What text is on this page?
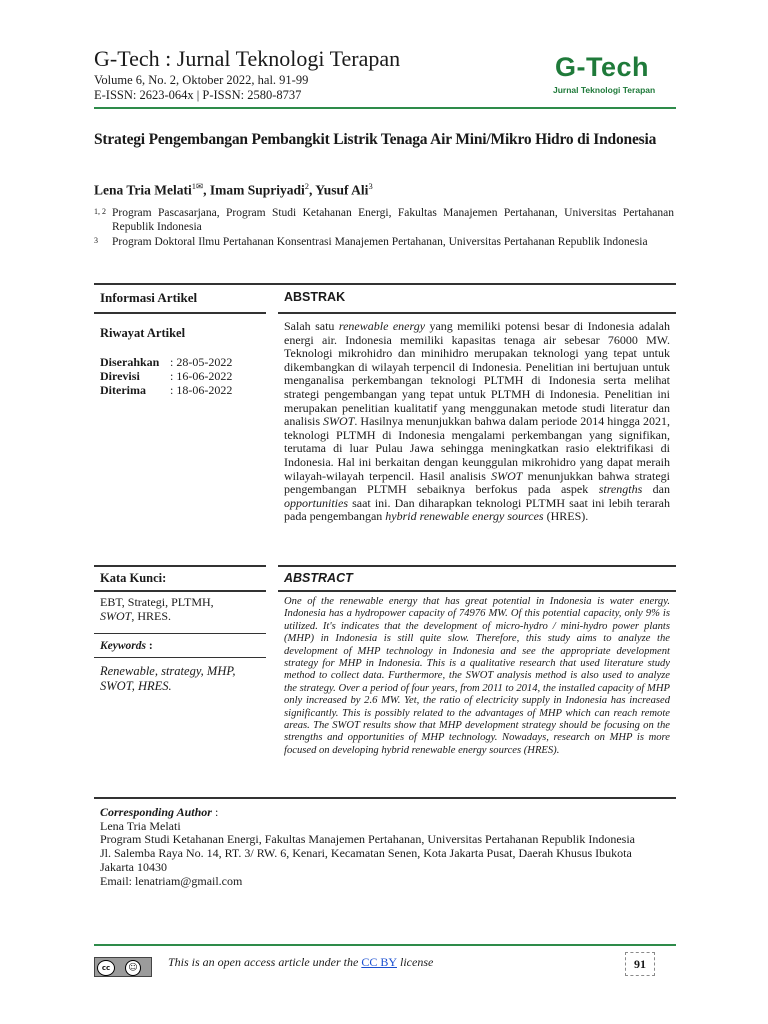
G-Tech : Jurnal Teknologi Terapan
Volume 6, No. 2, Oktober 2022, hal. 91-99
E-ISSN: 2623-064x | P-ISSN: 2580-8737
G-Tech
Jurnal Teknologi Terapan
Strategi Pengembangan Pembangkit Listrik Tenaga Air Mini/Mikro Hidro di Indonesia
Lena Tria Melati$^{1✉}$, Imam Supriyadi$^2$, Yusuf Ali$^3$
1, 2 Program Pascasarjana, Program Studi Ketahanan Energi, Fakultas Manajemen Pertahanan, Universitas Pertahanan Republik Indonesia
3 Program Doktoral Ilmu Pertahanan Konsentrasi Manajemen Pertahanan, Universitas Pertahanan Republik Indonesia
Informasi Artikel	ABSTRAK
Riwayat Artikel
Diserahkan : 28-05-2022
Direvisi	: 16-06-2022
Diterima : 18-06-2022
Salah satu renewable energy yang memiliki potensi besar di Indonesia adalah energi air. Indonesia memiliki kapasitas tenaga air sebesar 76000 MW. Teknologi mikrohidro dan minihidro merupakan teknologi yang tepat untuk dikembangkan di wilayah terpencil di Indonesia. Penelitian ini bertujuan untuk menganalisa perkembangan teknologi PLTMH di Indonesia serta melihat strategi pengembangan yang tepat untuk PLTMH di Indonesia. Penelitian ini merupakan penelitian kualitatif yang menggunakan metode studi literatur dan analisis SWOT. Hasilnya menunjukkan bahwa dalam periode 2014 hingga 2021, teknologi PLTMH di Indonesia mengalami perkembangan yang signifikan, terutama di luar Pulau Jawa sehingga meningkatkan rasio elektrifikasi di Indonesia. Hal ini berkaitan dengan keunggulan mikrohidro yang dapat meraih wilayah-wilayah terpencil. Hasil analisis SWOT menunjukkan bahwa strategi pengembangan PLTMH sebaiknya berfokus pada aspek strengths dan opportunities saat ini. Dan diharapkan teknologi PLTMH saat ini lebih terarah pada pengembangan hybrid renewable energy sources (HRES).
Kata Kunci:	ABSTRACT
EBT, Strategi, PLTMH,
SWOT, HRES.
Keywords :
Renewable, strategy, MHP,
SWOT, HRES.
One of the renewable energy that has great potential in Indonesia is water energy. Indonesia has a hydropower capacity of 74976 MW. Of this potential capacity, only 9% is utilized. It's indicates that the development of micro-hydro / mini-hydro power plants (MHP) in Indonesia is still quite slow. Therefore, this study aims to analyze the development of MHP technology in Indonesia and see the appropriate development strategy for MHP in Indonesia. This is a qualitative research that used literature study method to collect data. Furthermore, the SWOT analysis method is also used to analyze the strategy. Over a period of four years, from 2011 to 2014, the installed capacity of MHP only increased by 2.6 MW. Yet, the ratio of electricity supply in Indonesia has increased significantly. This is possibly related to the advantages of MHP which can reach remote areas. The SWOT results show that MHP development strategy should be focusing on the strengths and opportunities of MHP technology. Nowadays, research on MHP is more focused on developing hybrid renewable energy sources (HRES).
Corresponding Author :
Lena Tria Melati
Program Studi Ketahanan Energi, Fakultas Manajemen Pertahanan, Universitas Pertahanan Republik Indonesia
Jl. Salemba Raya No. 14, RT. 3/ RW. 6, Kenari, Kecamatan Senen, Kota Jakarta Pusat, Daerah Khusus Ibukota Jakarta 10430
Email: lenatriam@gmail.com
cc	☺	This is an open access article under the CC BY license	91
